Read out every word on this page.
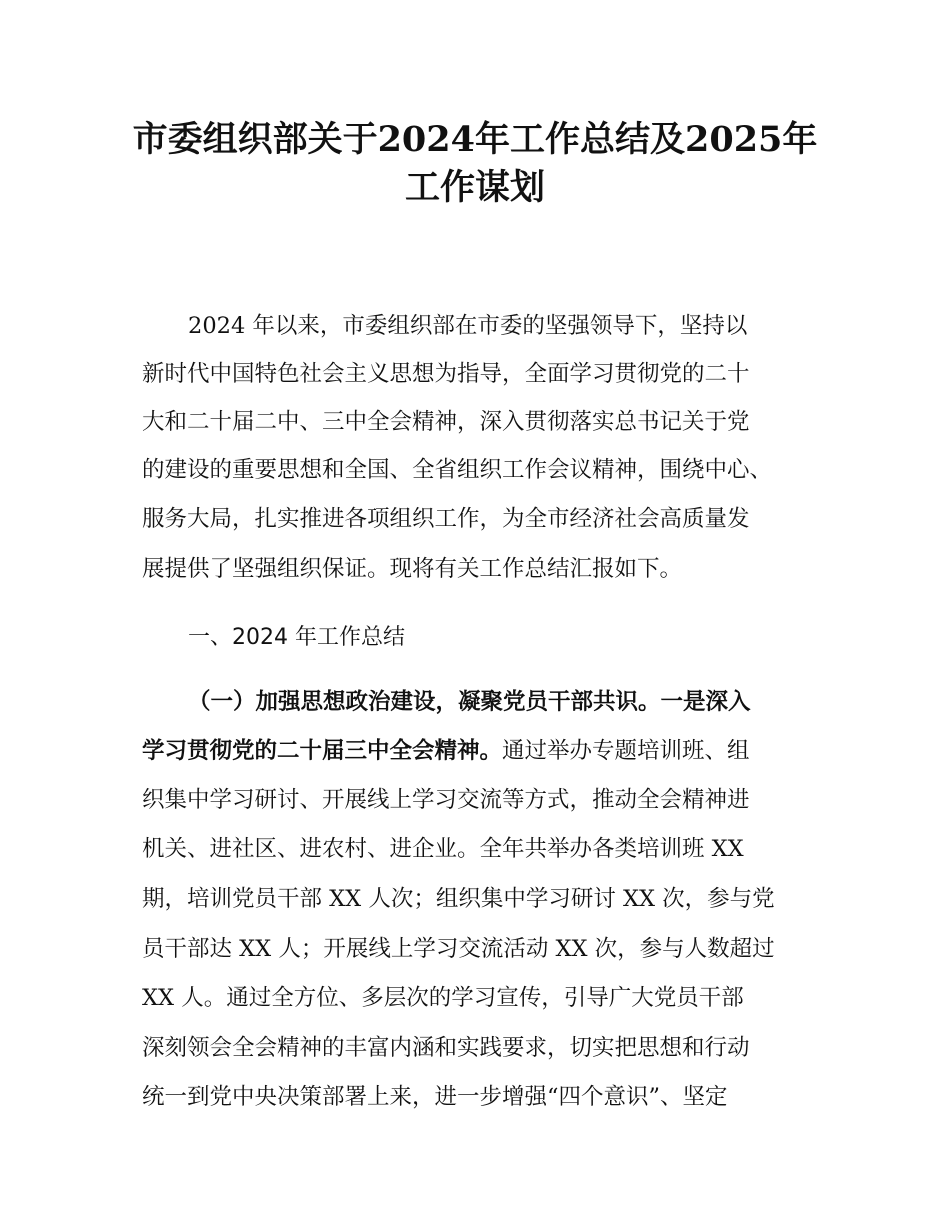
市委组织部关于2024年工作总结及2025年
工作谋划
2024 年以来，市委组织部在市委的坚强领导下，坚持以
新时代中国特色社会主义思想为指导，全面学习贯彻党的二十
大和二十届二中、三中全会精神，深入贯彻落实总书记关于党
的建设的重要思想和全国、全省组织工作会议精神，围绕中心、
服务大局，扎实推进各项组织工作，为全市经济社会高质量发
展提供了坚强组织保证。现将有关工作总结汇报如下。
一、2024 年工作总结
（一）加强思想政治建设，凝聚党员干部共识。一是深入
学习贯彻党的二十届三中全会精神。通过举办专题培训班、组
织集中学习研讨、开展线上学习交流等方式，推动全会精神进
机关、进社区、进农村、进企业。全年共举办各类培训班 XX
期，培训党员干部 XX 人次；组织集中学习研讨 XX 次，参与党
员干部达 XX 人；开展线上学习交流活动 XX 次，参与人数超过
XX 人。通过全方位、多层次的学习宣传，引导广大党员干部
深刻领会全会精神的丰富内涵和实践要求，切实把思想和行动
统一到党中央决策部署上来，进一步增强“四个意识”、坚定
